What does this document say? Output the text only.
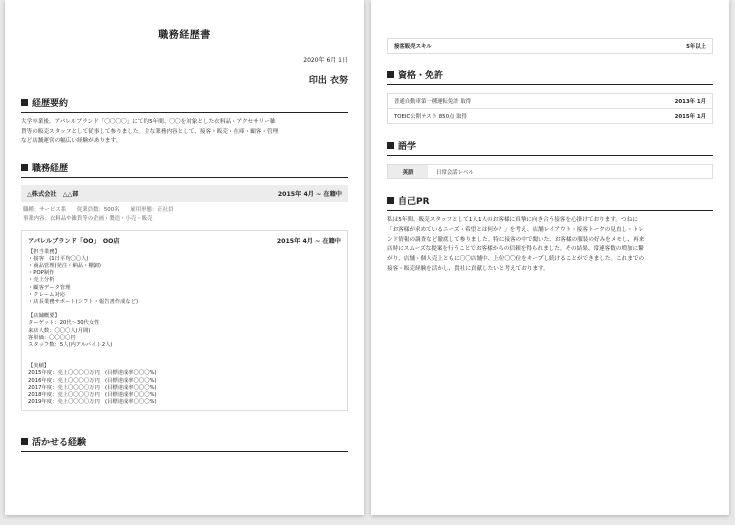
職務経歴書
2020年 6月 1日
印出 衣努
経歴要約
大学卒業後、アパレルブランド「〇〇〇〇」にて約5年間、〇〇を対象とした衣料品・アクセサリー雑
貨等の販売スタッフとして従事して参りました。主な業務内容として、接客・販売・在庫・顧客・管理
など店舗運営の幅広い経験があります。
職務経歴
△株式会社　△△部	2015年 4月 ~ 在籍中
職種：サービス系　　従業員数：500名　　雇用形態：正社員
事業内容：衣料品や雑貨等の企画・製造・小売・販売
アパレルブランド「OO」　OO店	2015年 4月 ~ 在籍中
【担当業務】
・接客　(1日平均〇〇人)
・商品管理(発注・納品・棚卸)
・POP制作
・売上分析
・顧客データ管理
・クレーム対応
・店長業務サポート(シフト・報告書作成など)
【店舗概要】
ターゲット：20代〜30代女性
来店人数：〇〇〇人(月間)
客単価：〇〇〇〇円
スタッフ数：5人(内アルバイト2人)
【実績】
2015年度：売上〇〇〇〇万円　(目標達成率〇〇〇%)
2016年度：売上〇〇〇〇万円　(目標達成率〇〇〇%)
2017年度：売上〇〇〇〇万円　(目標達成率〇〇〇%)
2018年度：売上〇〇〇〇万円　(目標達成率〇〇〇%)
2019年度：売上〇〇〇〇万円　(目標達成率〇〇〇%)
活かせる経験
接客販売スキル	5年以上
資格・免許
普通自動車第一種運転免許 取得	2013年 1月
TOEIC公開テスト 850点 取得	2015年 1月
語学
英語	日常会話レベル
自己PR
私は5年間、販売スタッフとして1人1人のお客様に真摯に向き合う接客を心掛けております。つねに
「お客様が求めているニーズ・希望とは何か？」を考え、店舗レイアウト・接客トークの見直し・トレ
ンド情報の調査など徹底して参りました。特に接客の中で聞いた、お客様の服装の好みをメモし、再来
店時にスムーズな提案を行うことでお客様からの信頼を得られました。その結果、常連客数の増加に繋
がり、店舗・個人売上ともに〇〇店舗中、上位〇〇位をキープし続けることができました。これまでの
接客・販売経験を活かし、貴社に貢献したいと考えております。
